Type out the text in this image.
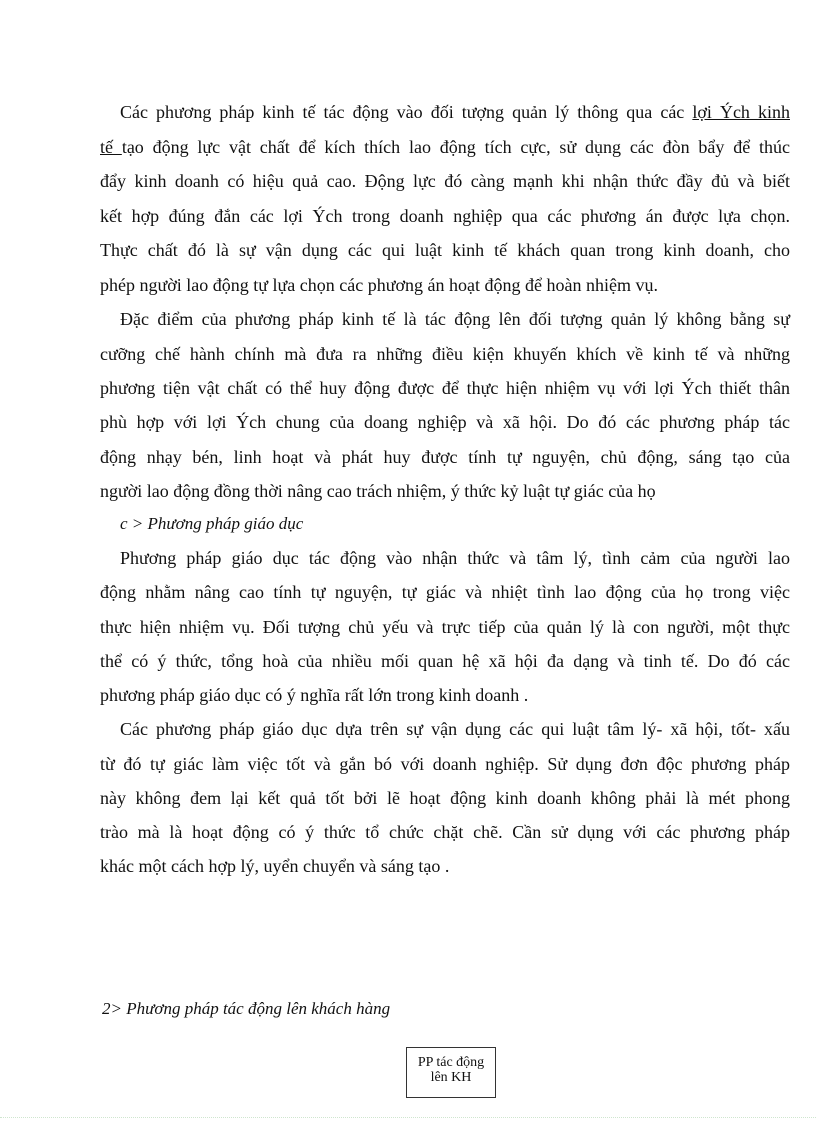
Các phương pháp kinh tế tác động vào đối tượng quản lý thông qua các lợi Ých kinh
tế tạo động lực vật chất để kích thích lao động tích cực, sử dụng các đòn bẩy để thúc
đẩy kinh doanh có hiệu quả cao. Động lực đó càng mạnh khi nhận thức đầy đủ và biết
kết hợp đúng đắn các lợi Ých trong doanh nghiệp qua các phương án được lựa chọn.
Thực chất đó là sự vận dụng các qui luật kinh tế khách quan trong kinh doanh, cho
phép người lao động tự lựa chọn các phương án hoạt động để hoàn nhiệm vụ.
Đặc điểm của phương pháp kinh tế là tác động lên đối tượng quản lý không bằng sự
cưỡng chế hành chính mà đưa ra những điều kiện khuyến khích về kinh tế và những
phương tiện vật chất có thể huy động được để thực hiện nhiệm vụ với lợi Ých thiết thân
phù hợp với lợi Ých chung của doang nghiệp và xã hội. Do đó các phương pháp tác
động nhạy bén, linh hoạt và phát huy được tính tự nguyện, chủ động, sáng tạo của
người lao động đồng thời nâng cao trách nhiệm, ý thức kỷ luật tự giác của họ
c > Phương pháp giáo dục
Phương pháp giáo dục tác động vào nhận thức và tâm lý, tình cảm của người lao
động nhằm nâng cao tính tự nguyện, tự giác và nhiệt tình lao động của họ trong việc
thực hiện nhiệm vụ. Đối tượng chủ yếu và trực tiếp của quản lý là con người, một thực
thể có ý thức, tổng hoà của nhiều mối quan hệ xã hội đa dạng và tinh tế. Do đó các
phương pháp giáo dục có ý nghĩa rất lớn trong kinh doanh .
Các phương pháp giáo dục dựa trên sự vận dụng các qui luật tâm lý- xã hội, tốt- xấu
từ đó tự giác làm việc tốt và gắn bó với doanh nghiệp. Sử dụng đơn độc phương pháp
này không đem lại kết quả tốt bởi lẽ hoạt động kinh doanh không phải là mét phong
trào mà là hoạt động có ý thức tổ chức chặt chẽ. Cần sử dụng với các phương pháp
khác một cách hợp lý, uyển chuyển và sáng tạo .
2> Phương pháp tác động lên khách hàng
PP tác động
lên KH
